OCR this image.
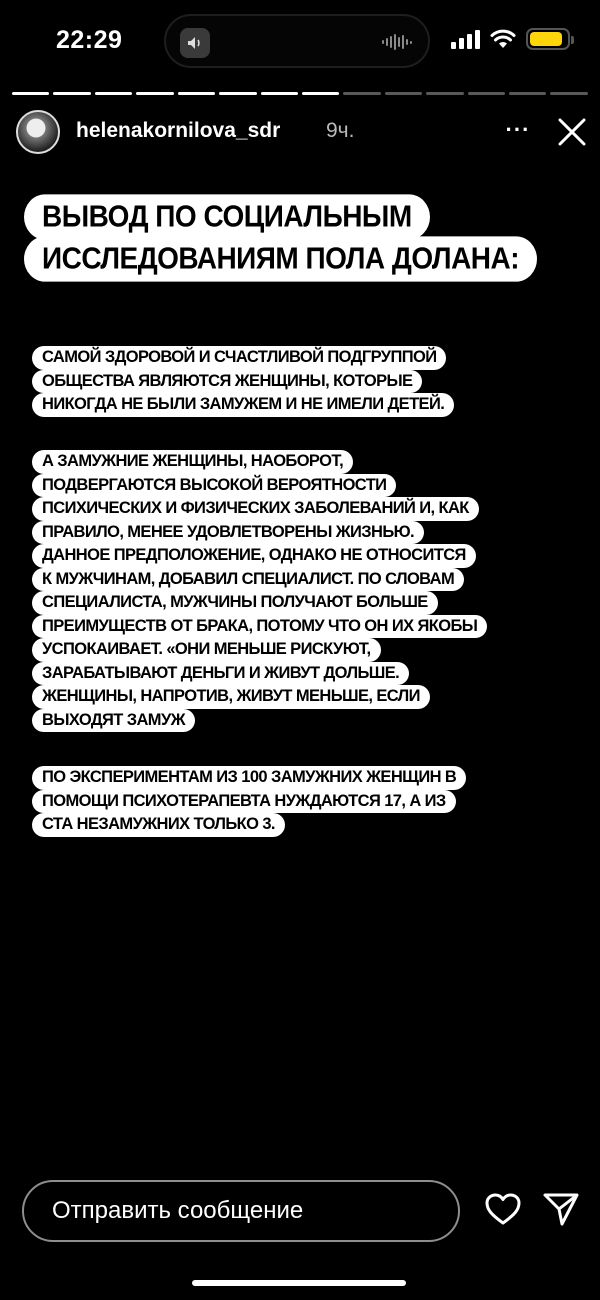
22:29
helenakornilova_sdr 9ч.	···
ВЫВОД ПО СОЦИАЛЬНЫМ
ИССЛЕДОВАНИЯМ ПОЛА ДОЛАНА:
САМОЙ ЗДОРОВОЙ И СЧАСТЛИВОЙ ПОДГРУППОЙ
ОБЩЕСТВА ЯВЛЯЮТСЯ ЖЕНЩИНЫ, КОТОРЫЕ
НИКОГДА НЕ БЫЛИ ЗАМУЖЕМ И НЕ ИМЕЛИ ДЕТЕЙ.
А ЗАМУЖНИЕ ЖЕНЩИНЫ, НАОБОРОТ,
ПОДВЕРГАЮТСЯ ВЫСОКОЙ ВЕРОЯТНОСТИ
ПСИХИЧЕСКИХ И ФИЗИЧЕСКИХ ЗАБОЛЕВАНИЙ И, КАК
ПРАВИЛО, МЕНЕЕ УДОВЛЕТВОРЕНЫ ЖИЗНЬЮ.
ДАННОЕ ПРЕДПОЛОЖЕНИЕ, ОДНАКО НЕ ОТНОСИТСЯ
К МУЖЧИНАМ, ДОБАВИЛ СПЕЦИАЛИСТ. ПО СЛОВАМ
СПЕЦИАЛИСТА, МУЖЧИНЫ ПОЛУЧАЮТ БОЛЬШЕ
ПРЕИМУЩЕСТВ ОТ БРАКА, ПОТОМУ ЧТО ОН ИХ ЯКОБЫ
УСПОКАИВАЕТ. «ОНИ МЕНЬШЕ РИСКУЮТ,
ЗАРАБАТЫВАЮТ ДЕНЬГИ И ЖИВУТ ДОЛЬШЕ.
ЖЕНЩИНЫ, НАПРОТИВ, ЖИВУТ МЕНЬШЕ, ЕСЛИ
ВЫХОДЯТ ЗАМУЖ
ПО ЭКСПЕРИМЕНТАМ ИЗ 100 ЗАМУЖНИХ ЖЕНЩИН В
ПОМОЩИ ПСИХОТЕРАПЕВТА НУЖДАЮТСЯ 17, А ИЗ
СТА НЕЗАМУЖНИХ ТОЛЬКО 3.
Отправить сообщение
